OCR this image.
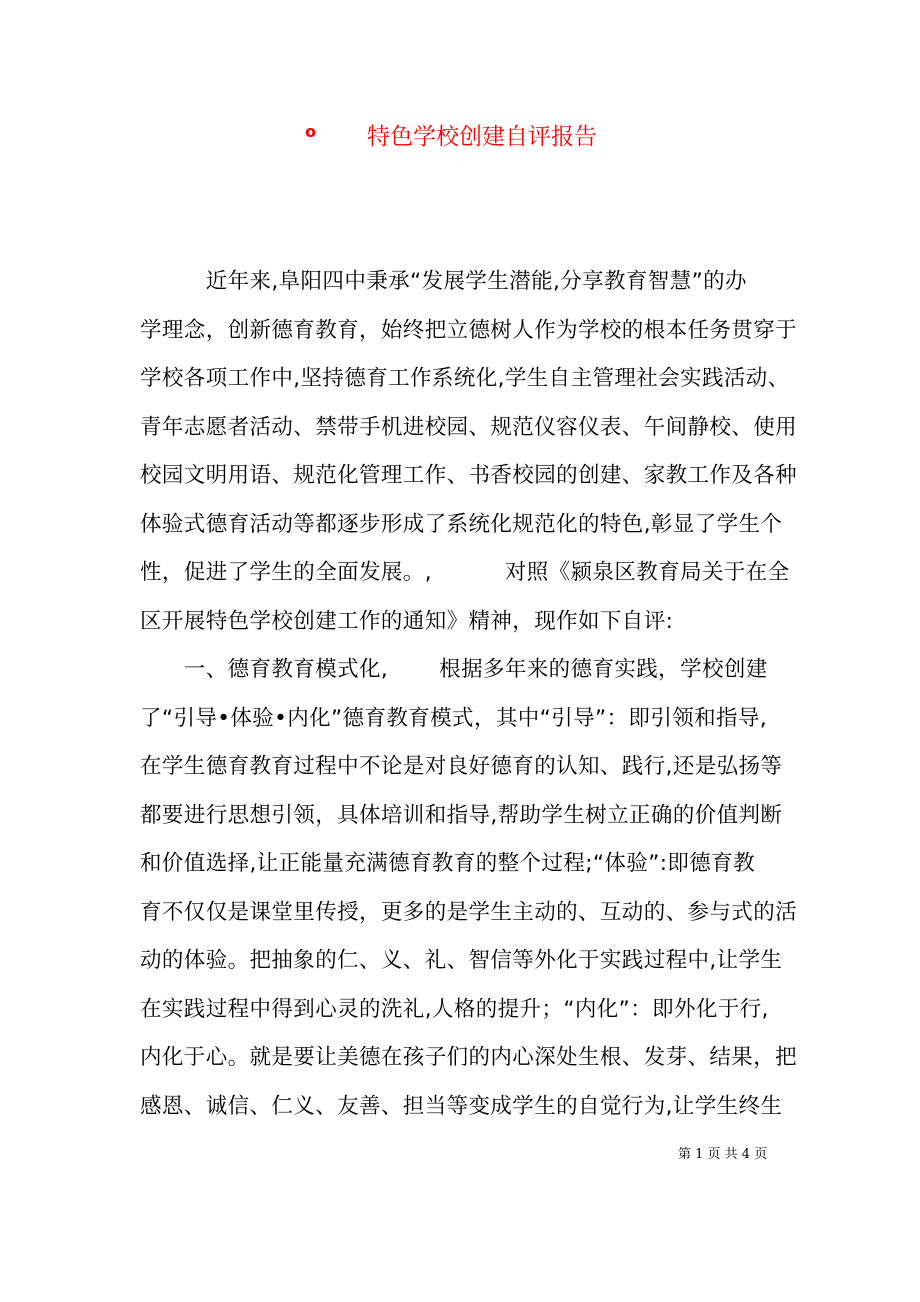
o 特色学校创建自评报告
　　　近年来,阜阳四中秉承“发展学生潜能,分享教育智慧”的办
学理念，创新德育教育，始终把立德树人作为学校的根本任务贯穿于
学校各项工作中,坚持德育工作系统化,学生自主管理社会实践活动、
青年志愿者活动、禁带手机进校园、规范仪容仪表、午间静校、使用
校园文明用语、规范化管理工作、书香校园的创建、家教工作及各种
体验式德育活动等都逐步形成了系统化规范化的特色,彰显了学生个
性，促进了学生的全面发展。, 　　　对照《颍泉区教育局关于在全
区开展特色学校创建工作的通知》精神，现作如下自评:
　　一、德育教育模式化, 　　根据多年来的德育实践，学校创建
了“引导•体验•内化”德育教育模式，其中“引导”：即引领和指导,
在学生德育教育过程中不论是对良好德育的认知、践行,还是弘扬等
都要进行思想引领，具体培训和指导,帮助学生树立正确的价值判断
和价值选择,让正能量充满德育教育的整个过程;“体验”:即德育教
育不仅仅是课堂里传授，更多的是学生主动的、互动的、参与式的活
动的体验。把抽象的仁、义、礼、智信等外化于实践过程中,让学生
在实践过程中得到心灵的洗礼,人格的提升；“内化”：即外化于行,
内化于心。就是要让美德在孩子们的内心深处生根、发芽、结果，把
感恩、诚信、仁义、友善、担当等变成学生的自觉行为,让学生终生
第 1 页 共 4 页
